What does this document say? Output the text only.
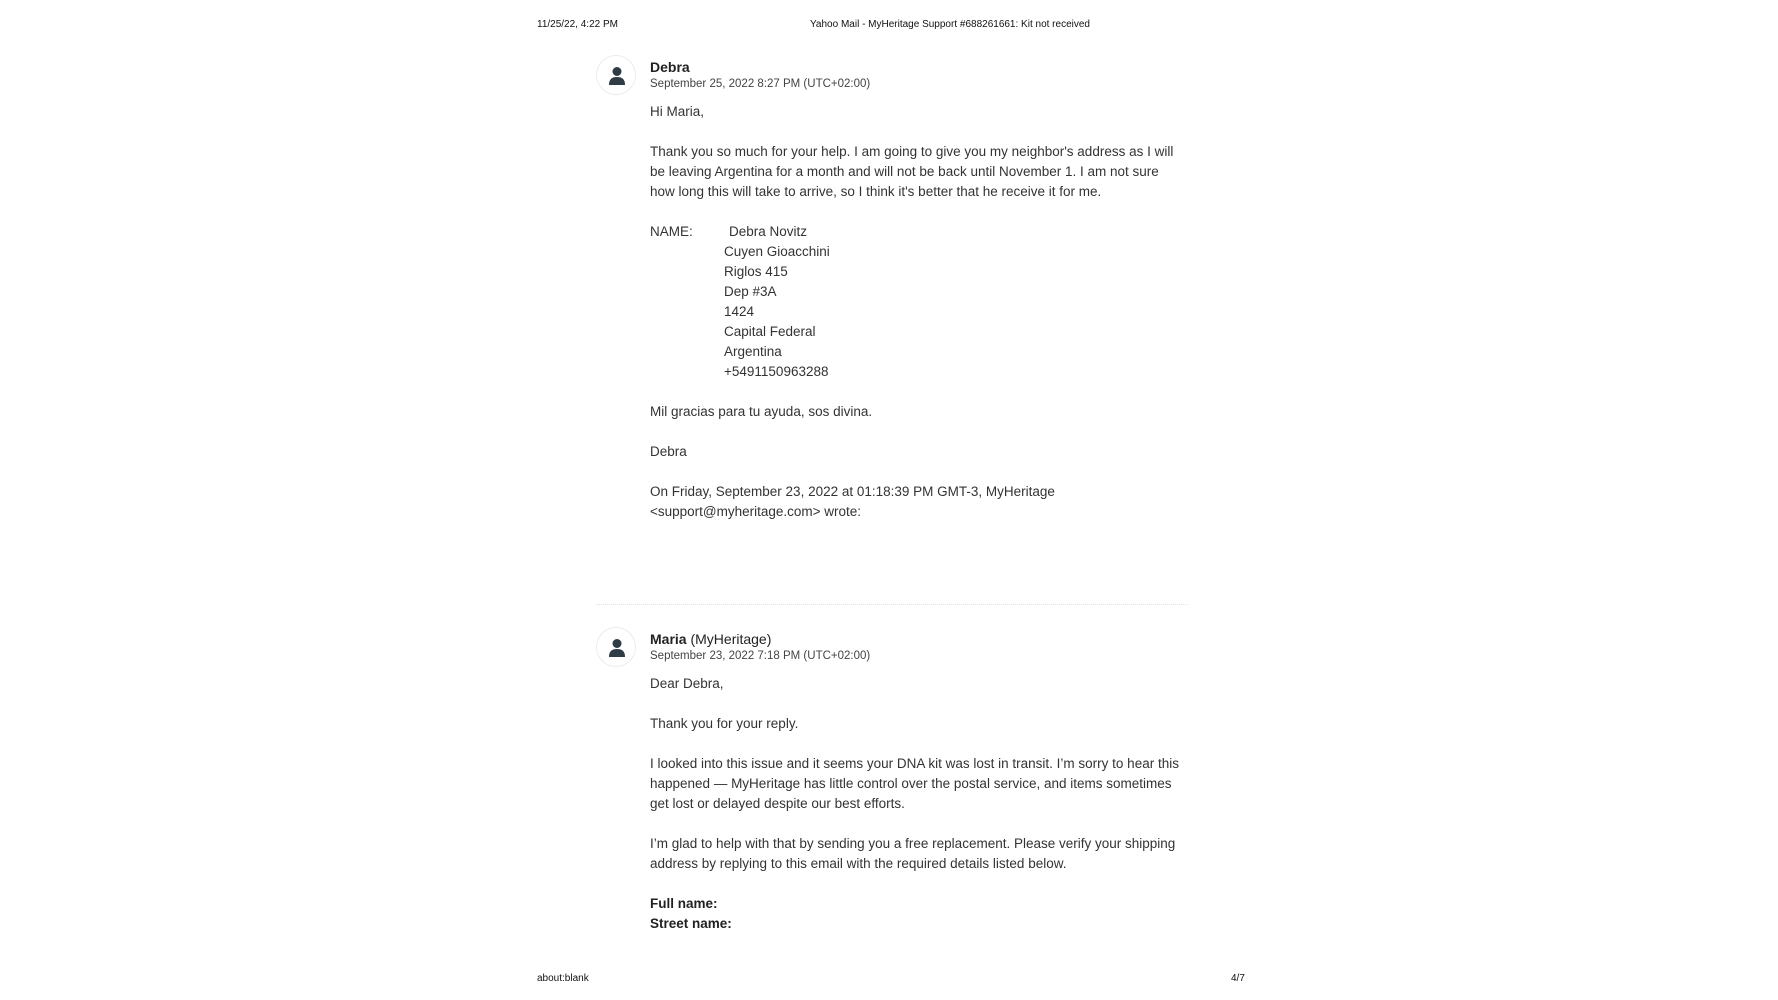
11/25/22, 4:22 PM	Yahoo Mail - MyHeritage Support #688261661: Kit not received
Debra
September 25, 2022 8:27 PM (UTC+02:00)

Hi Maria,

Thank you so much for your help. I am going to give you my neighbor's address as I will be leaving Argentina for a month and will not be back until November 1. I am not sure how long this will take to arrive, so I think it's better that he receive it for me.

NAME:	Debra Novitz
Cuyen Gioacchini
Riglos 415
Dep #3A
1424
Capital Federal
Argentina
+5491150963288

Mil gracias para tu ayuda, sos divina.

Debra

On Friday, September 23, 2022 at 01:18:39 PM GMT-3, MyHeritage
<support@myheritage.com> wrote:
Maria (MyHeritage)
September 23, 2022 7:18 PM (UTC+02:00)

Dear Debra,

Thank you for your reply.

I looked into this issue and it seems your DNA kit was lost in transit. I’m sorry to hear this happened — MyHeritage has little control over the postal service, and items sometimes get lost or delayed despite our best efforts.

I’m glad to help with that by sending you a free replacement. Please verify your shipping address by replying to this email with the required details listed below.

Full name:
Street name:
about:blank	4/7
